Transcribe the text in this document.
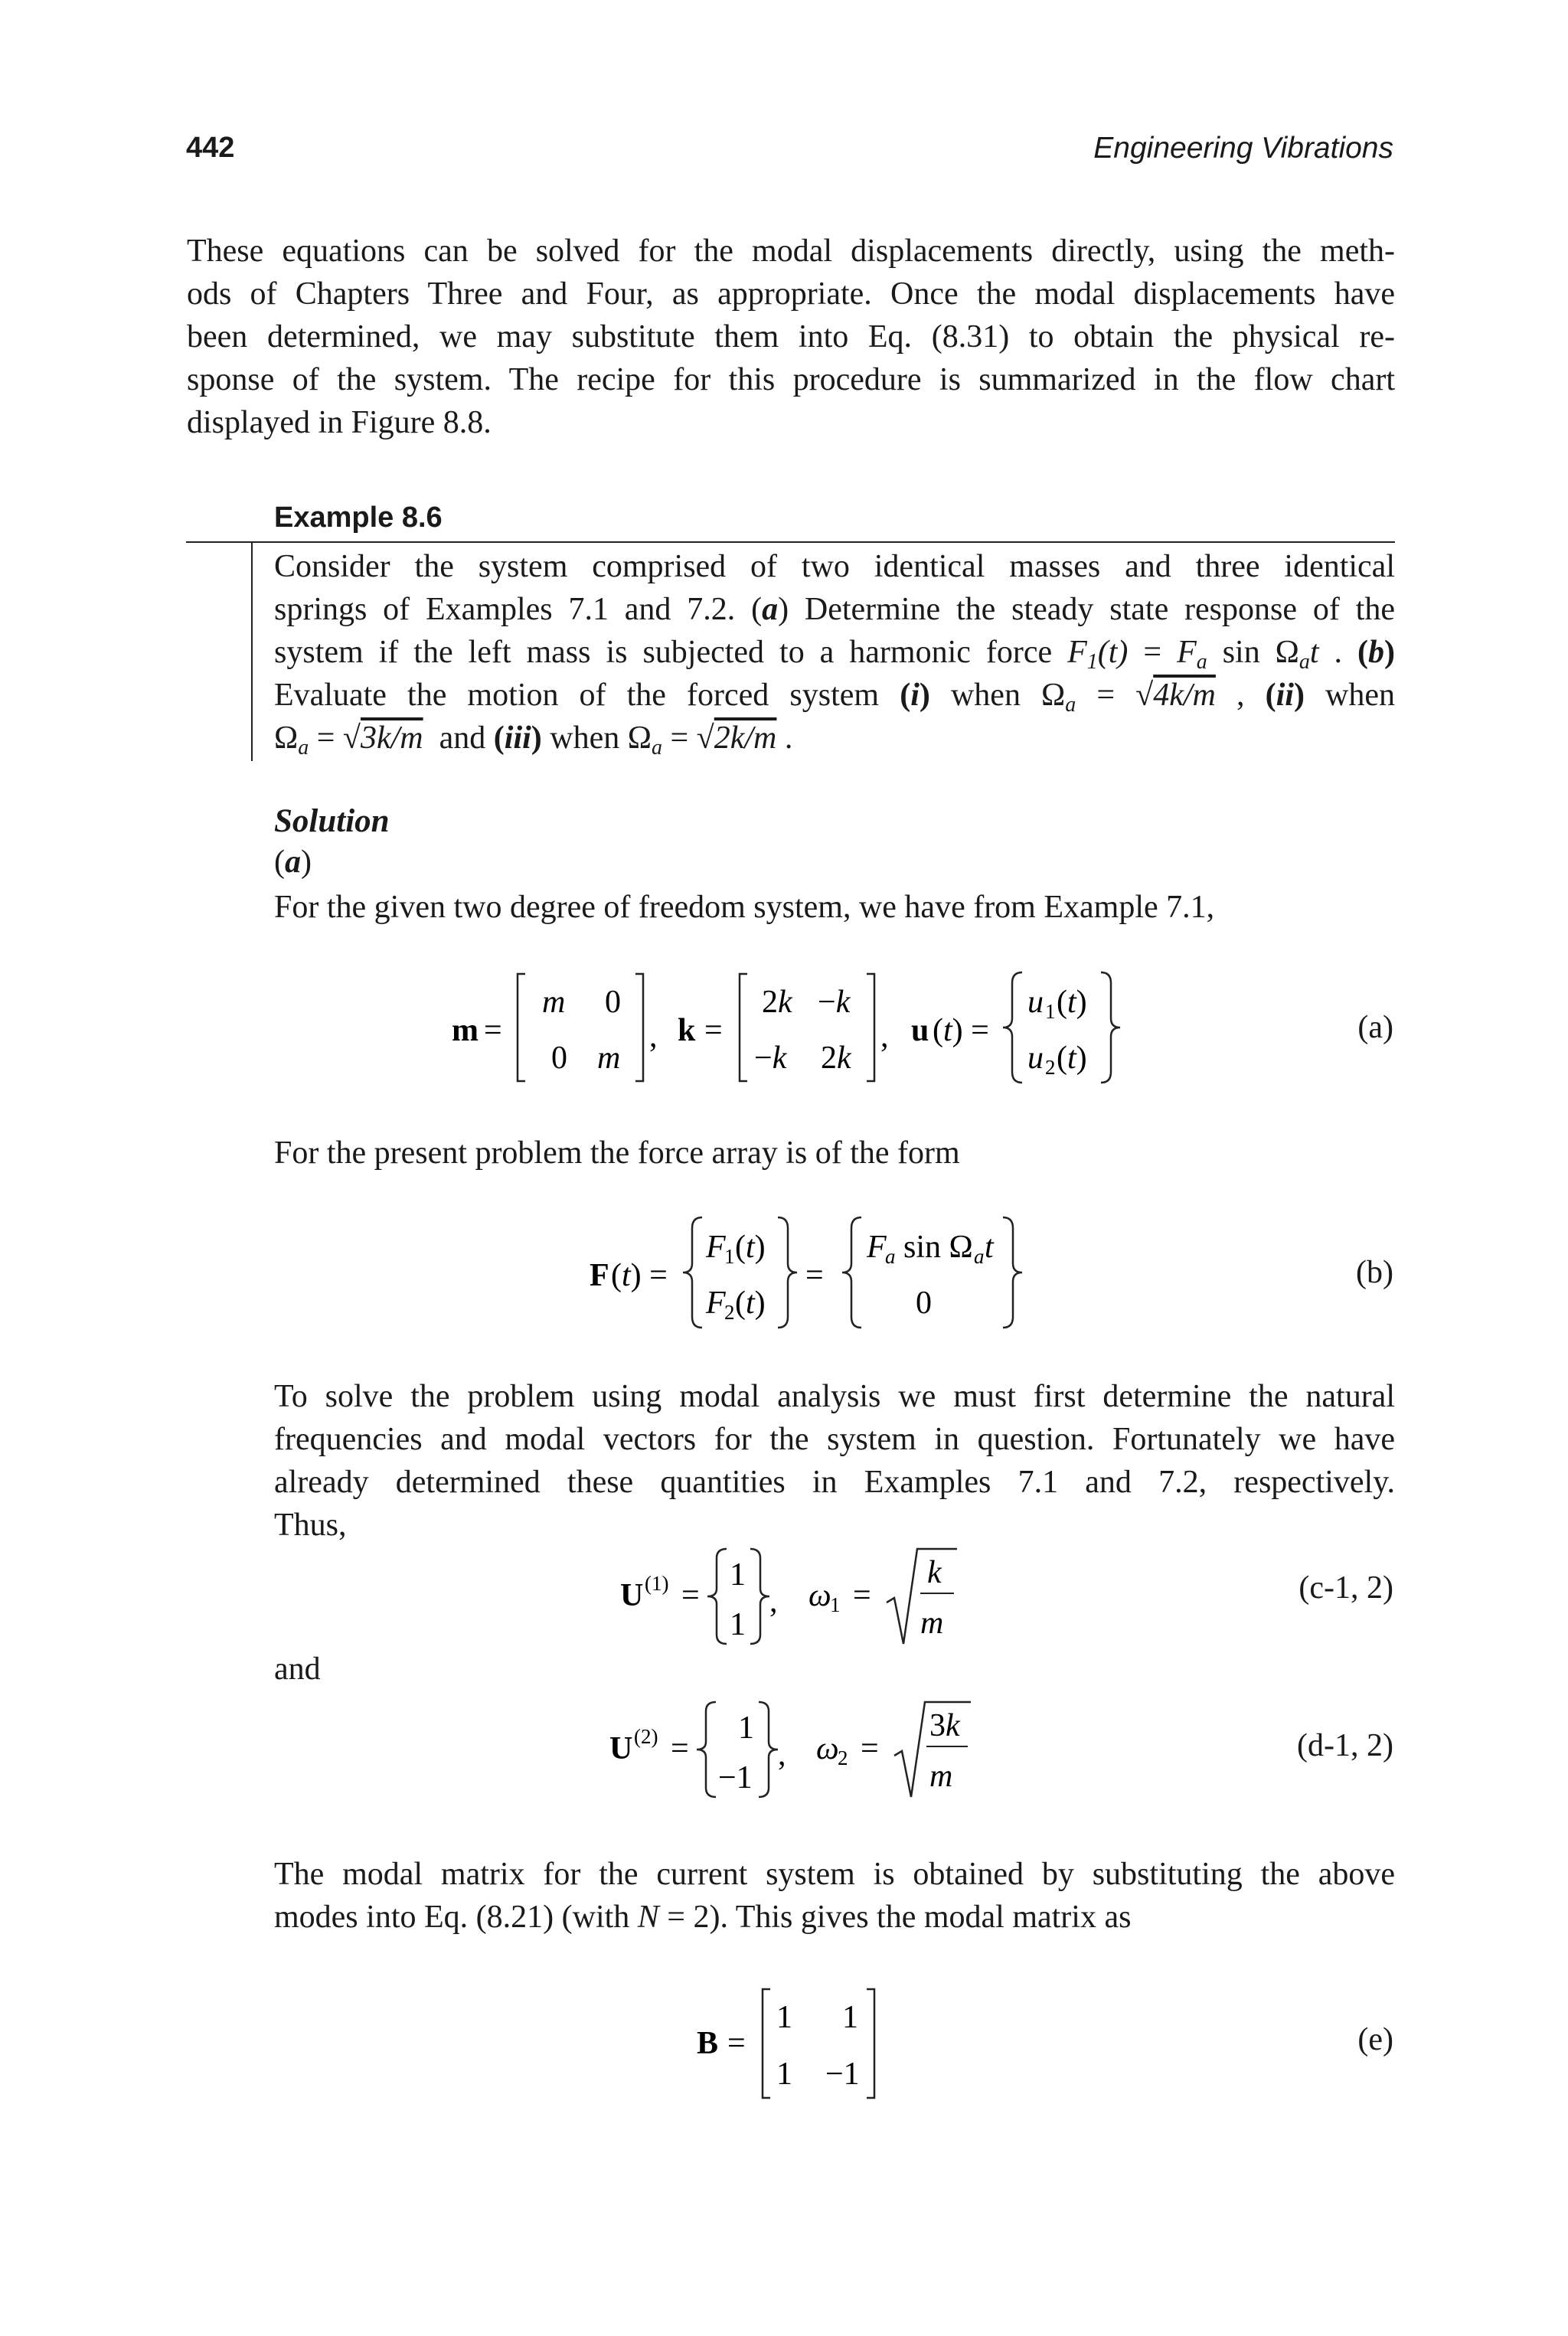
442	Engineering Vibrations
These equations can be solved for the modal displacements directly, using the meth-
ods of Chapters Three and Four, as appropriate. Once the modal displacements have
been determined, we may substitute them into Eq. (8.31) to obtain the physical re-
sponse of the system. The recipe for this procedure is summarized in the flow chart
displayed in Figure 8.8.
Example 8.6
Consider the system comprised of two identical masses and three identical
springs of Examples 7.1 and 7.2. (a) Determine the steady state response of the
system if the left mass is subjected to a harmonic force $F_1(t) = F_a$ $\sin \Omega_at$ . (b)
Evaluate the motion of the forced system (i) when $\Omega_a = √4k/m$ , (ii) when
$\Omega_a = √3k/m$ and (iii) when $\Omega_a = √2k/m$ .
Solution
(a)
For the given two degree of freedom system, we have from Example 7.1,
m =
m 0
0 m
, k =
2k −k
−k 2k
, u (t) =
u 1 (t)
u 2 (t)
(a)
For the present problem the force array is of the form
F (t) =
F
1 (t)
F
2 (t)
=
F
a sin Ω a t
0
(b)
To solve the problem using modal analysis we must first determine the natural
frequencies and modal vectors for the system in question. Fortunately we have
already determined these quantities in Examples 7.1 and 7.2, respectively.
Thus,
U (1) =
1
1
, ω
1 =
k
m
(c-1, 2)
and
U (2) =
1
−1
, ω
2 =
3k
m
(d-1, 2)
The modal matrix for the current system is obtained by substituting the above
modes into Eq. (8.21) (with N = 2). This gives the modal matrix as
B =
1 1
1 −1
(e)
